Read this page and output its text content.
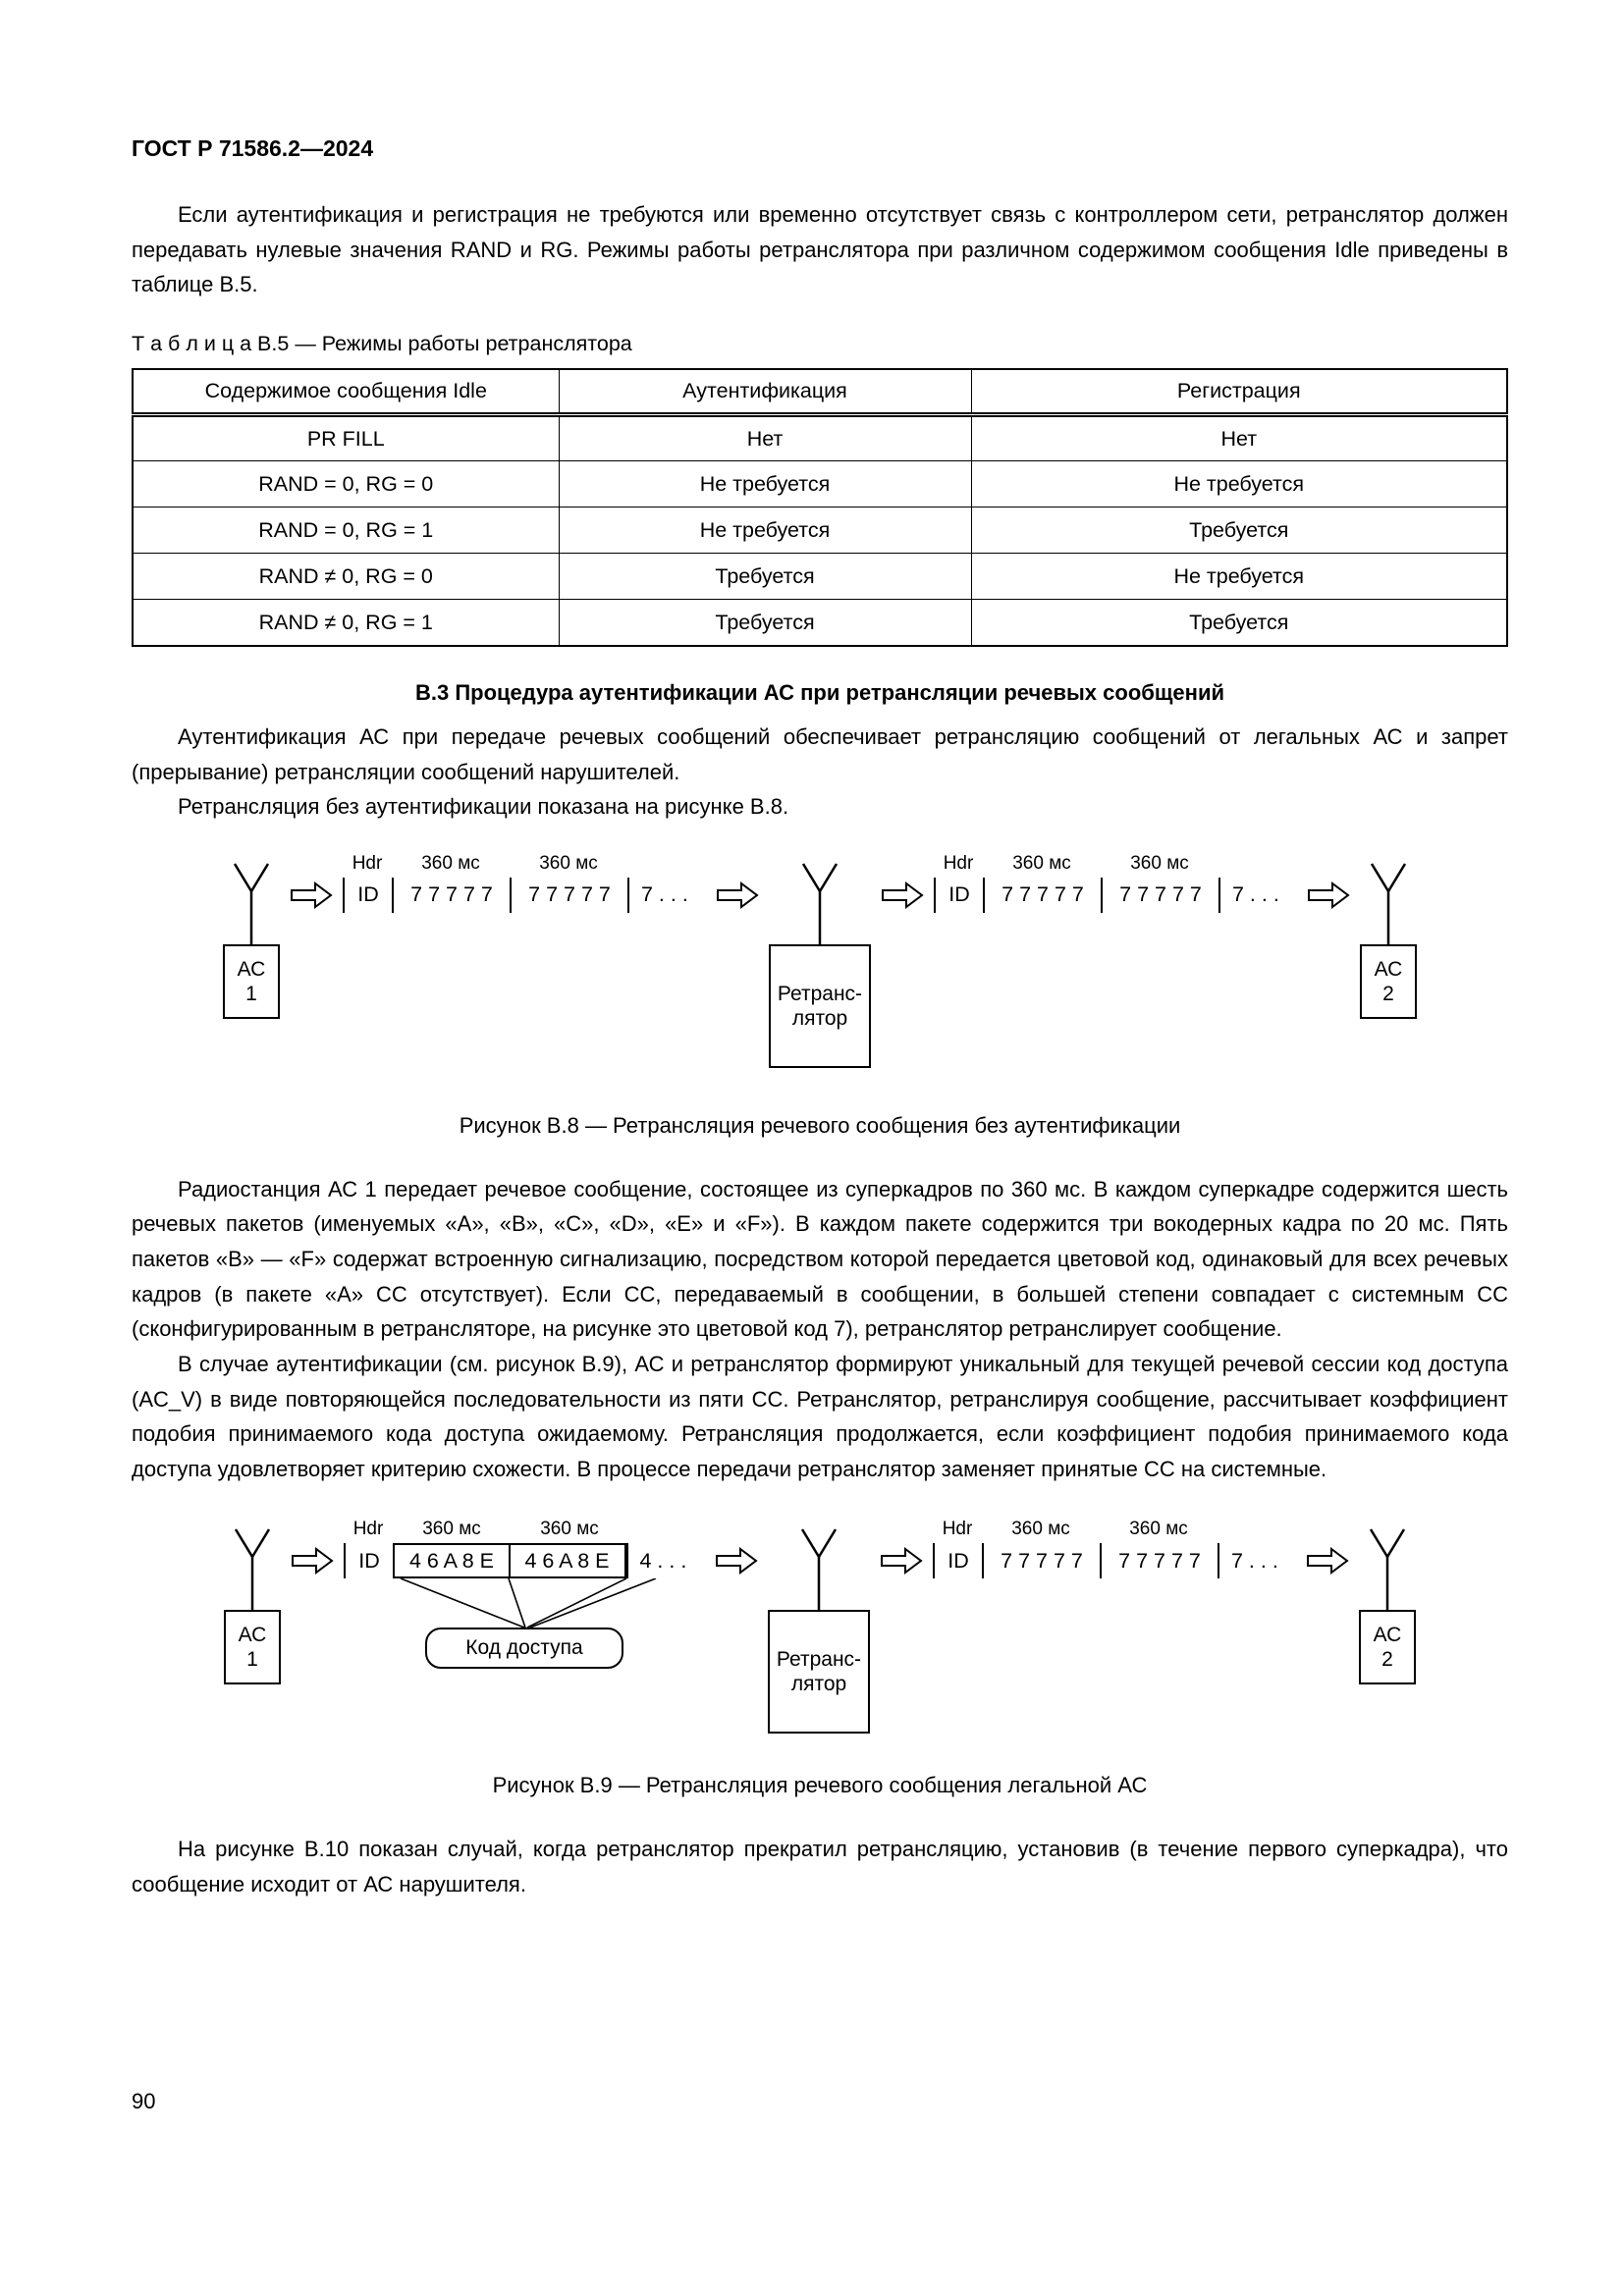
ГОСТ Р 71586.2—2024

Если аутентификация и регистрация не требуются или временно отсутствует связь с контроллером сети, ретранслятор должен передавать нулевые значения RAND и RG. Режимы работы ретранслятора при различном содержимом сообщения Idle приведены в таблице В.5.

Т а б л и ц а В.5 — Режимы работы ретранслятора
Содержимое сообщения Idle	Аутентификация	Регистрация
PR FILL	Нет	Нет
RAND = 0, RG = 0	Не требуется	Не требуется
RAND = 0, RG = 1	Не требуется	Требуется
RAND ≠ 0, RG = 0	Требуется	Не требуется
RAND ≠ 0, RG = 1	Требуется	Требуется
В.3 Процедура аутентификации АС при ретрансляции речевых сообщений

Аутентификация АС при передаче речевых сообщений обеспечивает ретрансляцию сообщений от легальных АС и запрет (прерывание) ретрансляции сообщений нарушителей.

Ретрансляция без аутентификации показана на рисунке В.8.

АС
1
Hdr	360 мс	360 мс
ID	7 7 7 7 7	7 7 7 7 7	7 . . .
Ретранс-
лятор
Hdr	360 мс	360 мс
ID	7 7 7 7 7	7 7 7 7 7	7 . . .
АС
2
Рисунок В.8 — Ретрансляция речевого сообщения без аутентификации

Радиостанция АС 1 передает речевое сообщение, состоящее из суперкадров по 360 мс. В каждом суперкадре содержится шесть речевых пакетов (именуемых «А», «В», «С», «D», «Е» и «F»). В каждом пакете содержится три вокодерных кадра по 20 мс. Пять пакетов «В» — «F» содержат встроенную сигнализацию, посредством которой передается цветовой код, одинаковый для всех речевых кадров (в пакете «А» СС отсутствует). Если СС, передаваемый в сообщении, в большей степени совпадает с системным СС (сконфигурированным в ретрансляторе, на рисунке это цветовой код 7), ретранслятор ретранслирует сообщение.

В случае аутентификации (см. рисунок В.9), АС и ретранслятор формируют уникальный для текущей речевой сессии код доступа (AC_V) в виде повторяющейся последовательности из пяти СС. Ретранслятор, ретранслируя сообщение, рассчитывает коэффициент подобия принимаемого кода доступа ожидаемому. Ретрансляция продолжается, если коэффициент подобия принимаемого кода доступа удовлетворяет критерию схожести. В процессе передачи ретранслятор заменяет принятые СС на системные.

АС
1
Hdr	360 мс	360 мс
ID	4 6 A 8 E	4 6 A 8 E	4 . . .
Код доступа
Ретранс-
лятор
Hdr	360 мс	360 мс
ID	7 7 7 7 7	7 7 7 7 7	7 . . .
АС
2
Рисунок В.9 — Ретрансляция речевого сообщения легальной АС

На рисунке В.10 показан случай, когда ретранслятор прекратил ретрансляцию, установив (в течение первого суперкадра), что сообщение исходит от АС нарушителя.

90
